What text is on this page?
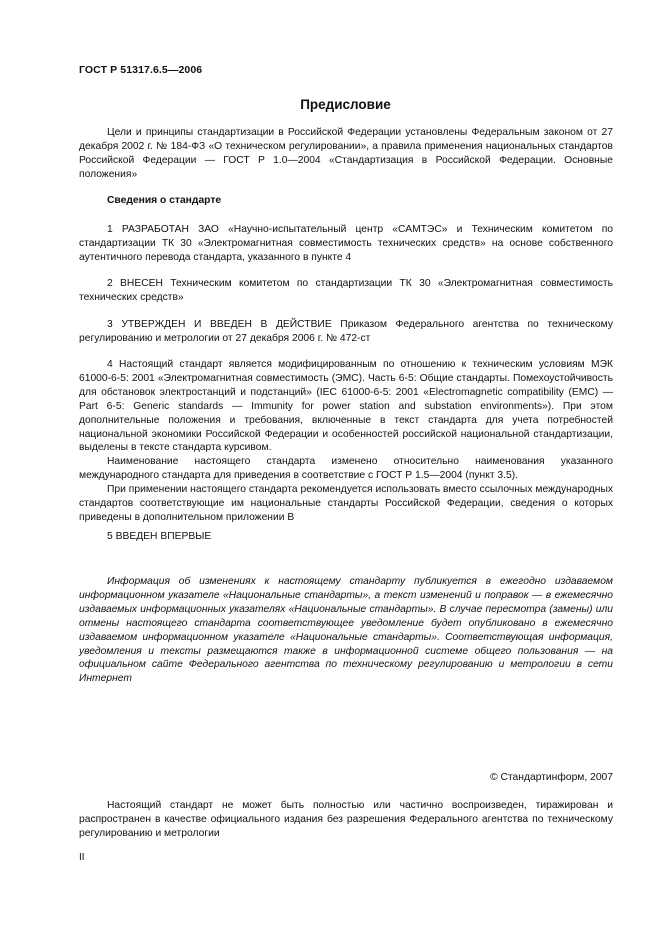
ГОСТ Р 51317.6.5—2006
Предисловие

Цели и принципы стандартизации в Российской Федерации установлены Федеральным законом от 27 декабря 2002 г. № 184-ФЗ «О техническом регулировании», а правила применения национальных стандартов Российской Федерации — ГОСТ Р 1.0—2004 «Стандартизация в Российской Федерации. Основные положения»

Сведения о стандарте

1 РАЗРАБОТАН ЗАО «Научно-испытательный центр «САМТЭС» и Техническим комитетом по стандартизации ТК 30 «Электромагнитная совместимость технических средств» на основе собственного аутентичного перевода стандарта, указанного в пункте 4

2 ВНЕСЕН Техническим комитетом по стандартизации ТК 30 «Электромагнитная совместимость технических средств»

3 УТВЕРЖДЕН И ВВЕДЕН В ДЕЙСТВИЕ Приказом Федерального агентства по техническому регулированию и метрологии от 27 декабря 2006 г. № 472-ст

4 Настоящий стандарт является модифицированным по отношению к техническим условиям МЭК 61000-6-5: 2001 «Электромагнитная совместимость (ЭМС). Часть 6-5: Общие стандарты. Помехоустойчивость для обстановок электростанций и подстанций» (IEC 61000-6-5: 2001 «Electromagnetic compatibility (EMC) — Part 6-5: Generic standards — Immunity for power station and substation environments»). При этом дополнительные положения и требования, включенные в текст стандарта для учета потребностей национальной экономики Российской Федерации и особенностей российской национальной стандартизации, выделены в тексте стандарта курсивом.

Наименование настоящего стандарта изменено относительно наименования указанного международного стандарта для приведения в соответствие с ГОСТ Р 1.5—2004 (пункт 3.5).

При применении настоящего стандарта рекомендуется использовать вместо ссылочных международных стандартов соответствующие им национальные стандарты Российской Федерации, сведения о которых приведены в дополнительном приложении В

5 ВВЕДЕН ВПЕРВЫЕ

Информация об изменениях к настоящему стандарту публикуется в ежегодно издаваемом информационном указателе «Национальные стандарты», а текст изменений и поправок — в ежемесячно издаваемых информационных указателях «Национальные стандарты». В случае пересмотра (замены) или отмены настоящего стандарта соответствующее уведомление будет опубликовано в ежемесячно издаваемом информационном указателе «Национальные стандарты». Соответствующая информация, уведомления и тексты размещаются также в информационной системе общего пользования — на официальном сайте Федерального агентства по техническому регулированию и метрологии в сети Интернет

© Стандартинформ, 2007

Настоящий стандарт не может быть полностью или частично воспроизведен, тиражирован и распространен в качестве официального издания без разрешения Федерального агентства по техническому регулированию и метрологии

II
